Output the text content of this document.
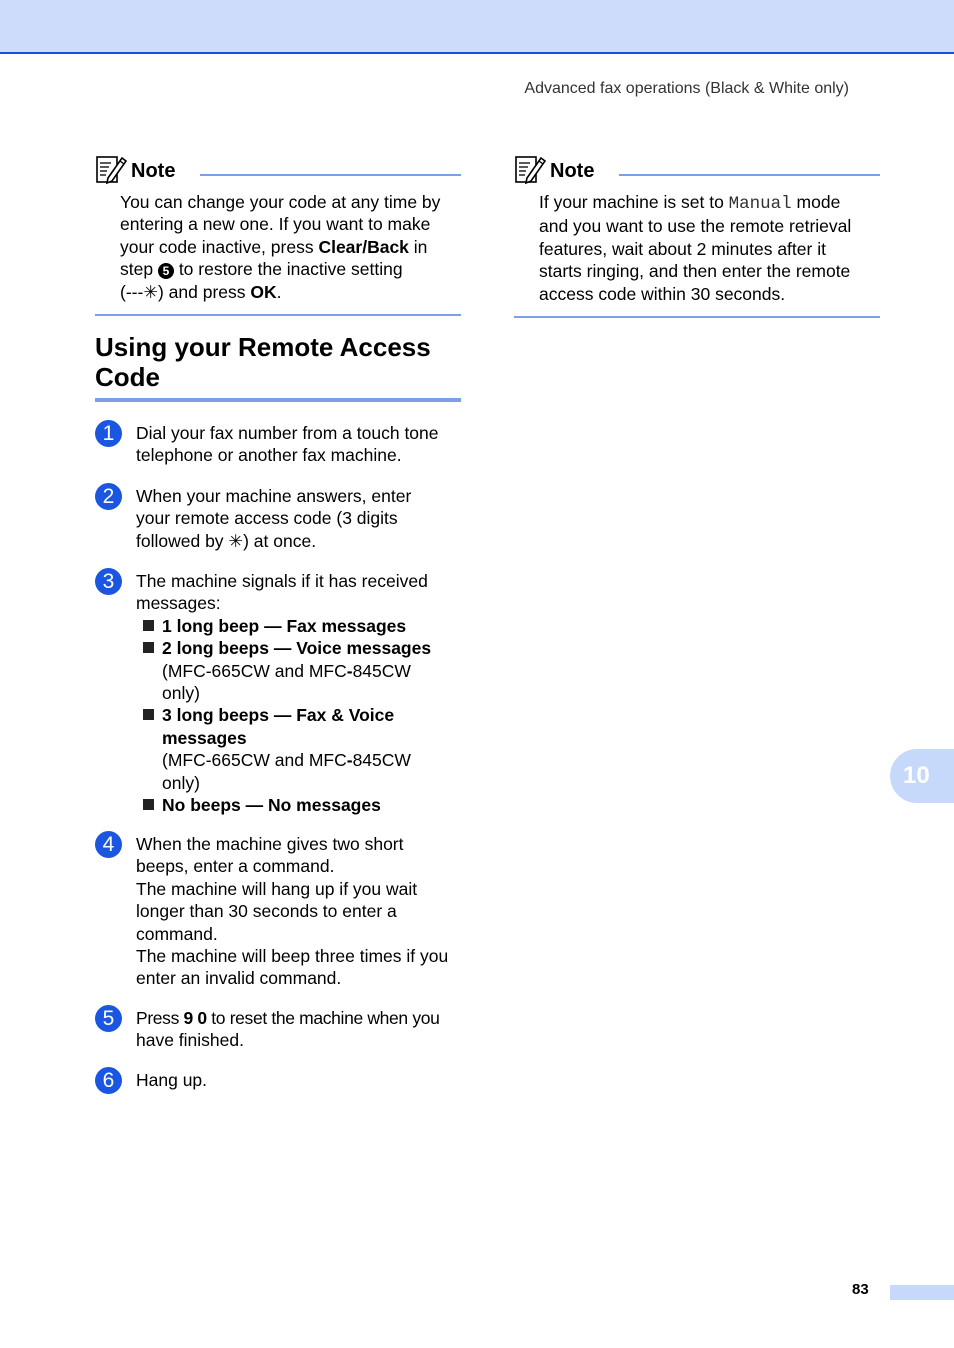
Advanced fax operations (Black & White only)
Note
You can change your code at any time by
entering a new one. If you want to make
your code inactive, press Clear/Back in
step 5 to restore the inactive setting
(---✳) and press OK.
Note
If your machine is set to Manual mode
and you want to use the remote retrieval
features, wait about 2 minutes after it
starts ringing, and then enter the remote
access code within 30 seconds.
Using your Remote Access
Code
1	Dial your fax number from a touch tone
telephone or another fax machine.
2	When your machine answers, enter
your remote access code (3 digits
followed by ✳) at once.
3	The machine signals if it has received
messages:
1 long beep — Fax messages
2 long beeps — Voice messages
(MFC-665CW and MFC-845CW
only)
3 long beeps — Fax & Voice
messages
(MFC-665CW and MFC-845CW
only)
No beeps — No messages
4	When the machine gives two short
beeps, enter a command.
The machine will hang up if you wait
longer than 30 seconds to enter a
command.
The machine will beep three times if you
enter an invalid command.
5	Press 9 0 to reset the machine when you
have finished.
6	Hang up.
10
83
